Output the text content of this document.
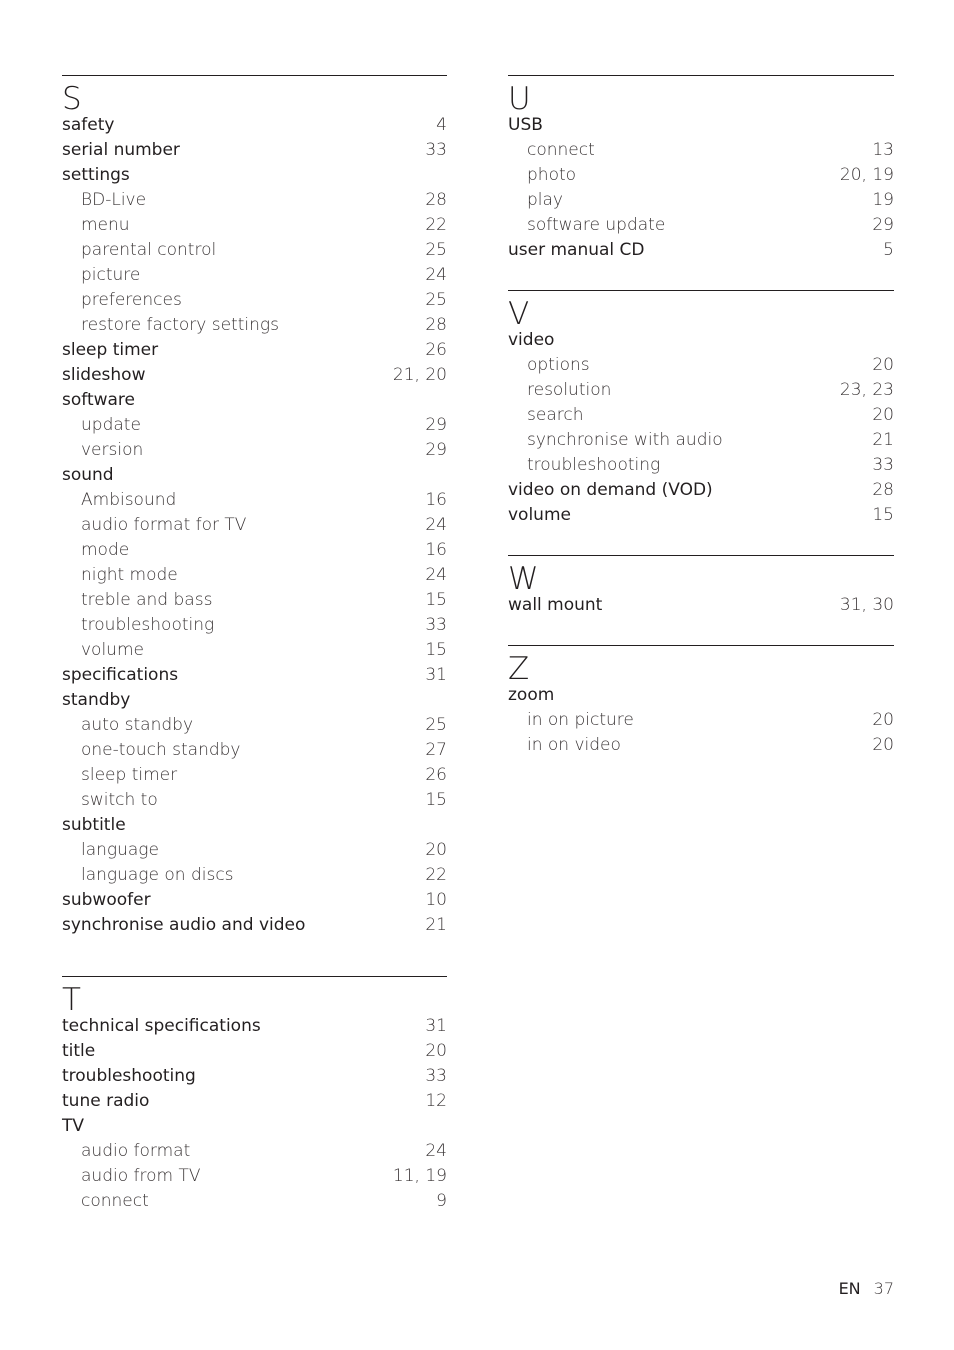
S
safety	4
serial number	33
settings
BD-Live	28
menu	22
parental control	25
picture	24
preferences	25
restore factory settings	28
sleep timer	26
slideshow	21, 20
software
update	29
version	29
sound
Ambisound	16
audio format for TV	24
mode	16
night mode	24
treble and bass	15
troubleshooting	33
volume	15
specifications	31
standby
auto standby	25
one-touch standby	27
sleep timer	26
switch to	15
subtitle
language	20
language on discs	22
subwoofer	10
synchronise audio and video	21
T
technical specifications	31
title	20
troubleshooting	33
tune radio	12
TV
audio format	24
audio from TV	11, 19
connect	9
U
USB
connect	13
photo	20, 19
play	19
software update	29
user manual CD	5
V
video
options	20
resolution	23, 23
search	20
synchronise with audio	21
troubleshooting	33
video on demand (VOD)	28
volume	15
W
wall mount	31, 30
Z
zoom
in on picture	20
in on video	20
EN 37
